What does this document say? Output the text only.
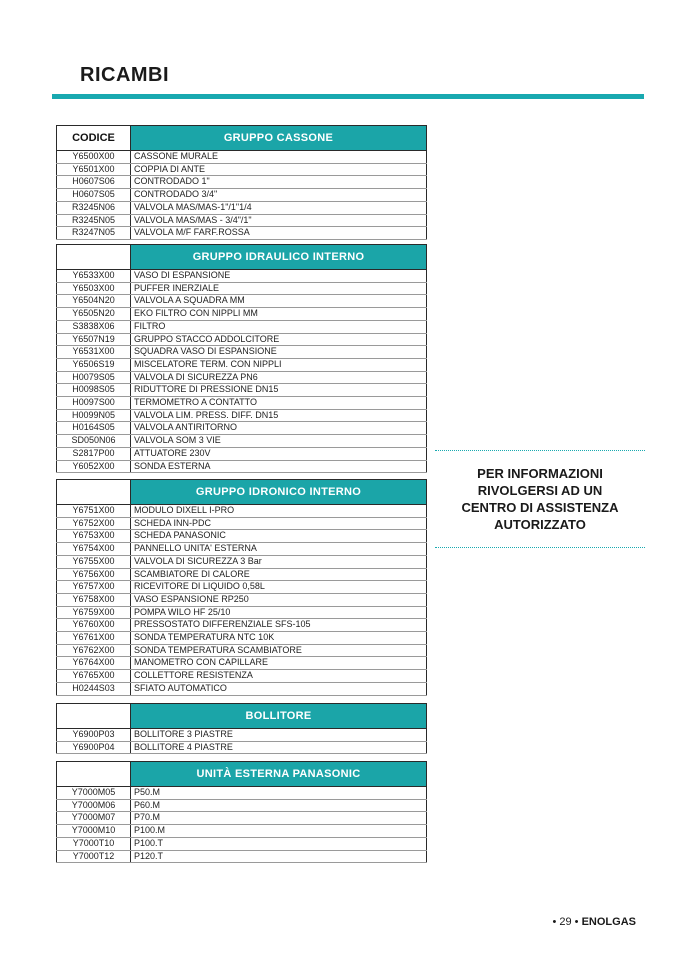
RICAMBI
CODICE	GRUPPO CASSONE
Y6500X00	CASSONE MURALE
Y6501X00	COPPIA DI ANTE
H0607S06	CONTRODADO 1"
H0607S05	CONTRODADO 3/4"
R3245N06	VALVOLA MAS/MAS-1"/1"1/4
R3245N05	VALVOLA MAS/MAS - 3/4"/1"
R3247N05	VALVOLA M/F FARF.ROSSA
	GRUPPO IDRAULICO INTERNO
Y6533X00	VASO DI ESPANSIONE
Y6503X00	PUFFER INERZIALE
Y6504N20	VALVOLA A SQUADRA MM
Y6505N20	EKO FILTRO CON NIPPLI MM
S3838X06	FILTRO
Y6507N19	GRUPPO STACCO ADDOLCITORE
Y6531X00	SQUADRA VASO DI ESPANSIONE
Y6506S19	MISCELATORE TERM. CON NIPPLI
H0079S05	VALVOLA DI SICUREZZA PN6
H0098S05	RIDUTTORE DI PRESSIONE DN15
H0097S00	TERMOMETRO A CONTATTO
H0099N05	VALVOLA LIM. PRESS. DIFF. DN15
H0164S05	VALVOLA ANTIRITORNO
SD050N06	VALVOLA SOM 3 VIE
S2817P00	ATTUATORE 230V
Y6052X00	SONDA ESTERNA
	GRUPPO IDRONICO INTERNO
Y6751X00	MODULO DIXELL I-PRO
Y6752X00	SCHEDA INN-PDC
Y6753X00	SCHEDA PANASONIC
Y6754X00	PANNELLO UNITA' ESTERNA
Y6755X00	VALVOLA DI SICUREZZA 3 Bar
Y6756X00	SCAMBIATORE DI CALORE
Y6757X00	RICEVITORE DI LIQUIDO 0,58L
Y6758X00	VASO ESPANSIONE RP250
Y6759X00	POMPA WILO HF 25/10
Y6760X00	PRESSOSTATO DIFFERENZIALE SFS-105
Y6761X00	SONDA TEMPERATURA NTC 10K
Y6762X00	SONDA TEMPERATURA SCAMBIATORE
Y6764X00	MANOMETRO CON CAPILLARE
Y6765X00	COLLETTORE RESISTENZA
H0244S03	SFIATO AUTOMATICO
	BOLLITORE
Y6900P03	BOLLITORE 3 PIASTRE
Y6900P04	BOLLITORE 4 PIASTRE
	UNITÀ ESTERNA PANASONIC
Y7000M05	P50.M
Y7000M06	P60.M
Y7000M07	P70.M
Y7000M10	P100.M
Y7000T10	P100.T
Y7000T12	P120.T
PER INFORMAZIONI RIVOLGERSI AD UN CENTRO DI ASSISTENZA AUTORIZZATO
• 29 • ENOLGAS
